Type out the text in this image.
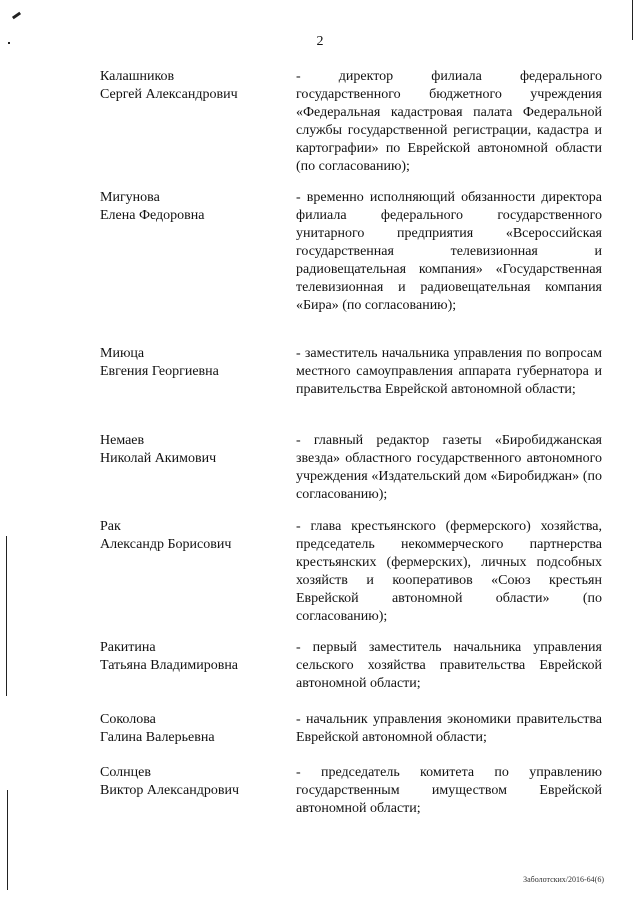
2
Калашников
Сергей Александрович
- директор филиала федерального государственного бюджетного учреждения «Федеральная кадастровая палата Федеральной службы государственной регистрации, кадастра и картографии» по Еврейской автономной области (по согласованию);
Мигунова
Елена Федоровна
- временно исполняющий обязанности директора филиала федерального государственного унитарного предприятия «Всероссийская государственная телевизионная и радиовещательная компания» «Государственная телевизионная и радиовещательная компания «Бира» (по согласованию);
Миюца
Евгения Георгиевна
- заместитель начальника управления по вопросам местного самоуправления аппарата губернатора и правительства Еврейской автономной области;
Немаев
Николай Акимович
- главный редактор газеты «Биробиджанская звезда» областного государственного автономного учреждения «Издательский дом «Биробиджан» (по согласованию);
Рак
Александр Борисович
- глава крестьянского (фермерского) хозяйства, председатель некоммерческого партнерства крестьянских (фермерских), личных подсобных хозяйств и кооперативов «Союз крестьян Еврейской автономной области» (по согласованию);
Ракитина
Татьяна Владимировна
- первый заместитель начальника управления сельского хозяйства правительства Еврейской автономной области;
Соколова
Галина Валерьевна
- начальник управления экономики правительства Еврейской автономной области;
Солнцев
Виктор Александрович
- председатель комитета по управлению государственным имуществом Еврейской автономной области;
Заболотских/2016-64(6)
